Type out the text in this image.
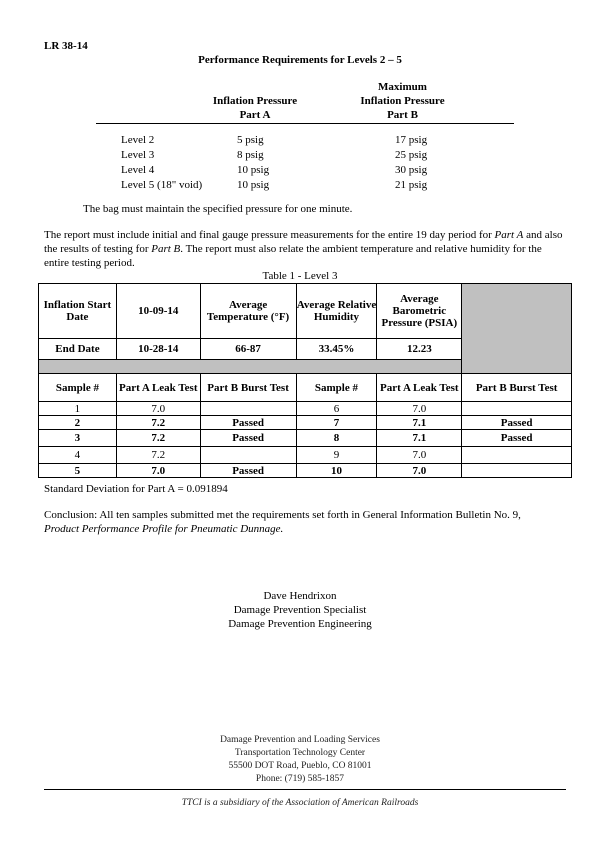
LR 38-14
Performance Requirements for Levels 2 – 5

Inflation Pressure
Part A
Maximum
Inflation Pressure
Part B
Level 2	5 psig	17 psig
Level 3	8 psig	25 psig
Level 4	10 psig	30 psig
Level 5 (18" void)	10 psig	21 psig
The bag must maintain the specified pressure for one minute.
The report must include initial and final gauge pressure measurements for the entire 19 day period for Part A and also the results of testing for Part B. The report must also relate the ambient temperature and relative humidity for the entire testing period.
Table 1 - Level 3
Inflation Start Date	10-09-14	Average Temperature (°F)	Average Relative Humidity	Average Barometric Pressure (PSIA)	
End Date	10-28-14	66-87	33.45%	12.23	

Sample #	Part A Leak Test	Part B Burst Test	Sample #	Part A Leak Test	Part B Burst Test
1	7.0		6	7.0	
2	7.2	Passed	7	7.1	Passed
3	7.2	Passed	8	7.1	Passed
4	7.2		9	7.0	
5	7.0	Passed	10	7.0	
Standard Deviation for Part A = 0.091894
Conclusion: All ten samples submitted met the requirements set forth in General Information Bulletin No. 9,
Product Performance Profile for Pneumatic Dunnage.
Dave Hendrixon
Damage Prevention Specialist
Damage Prevention Engineering
Damage Prevention and Loading Services
Transportation Technology Center
55500 DOT Road, Pueblo, CO 81001
Phone: (719) 585-1857
TTCI is a subsidiary of the Association of American Railroads
